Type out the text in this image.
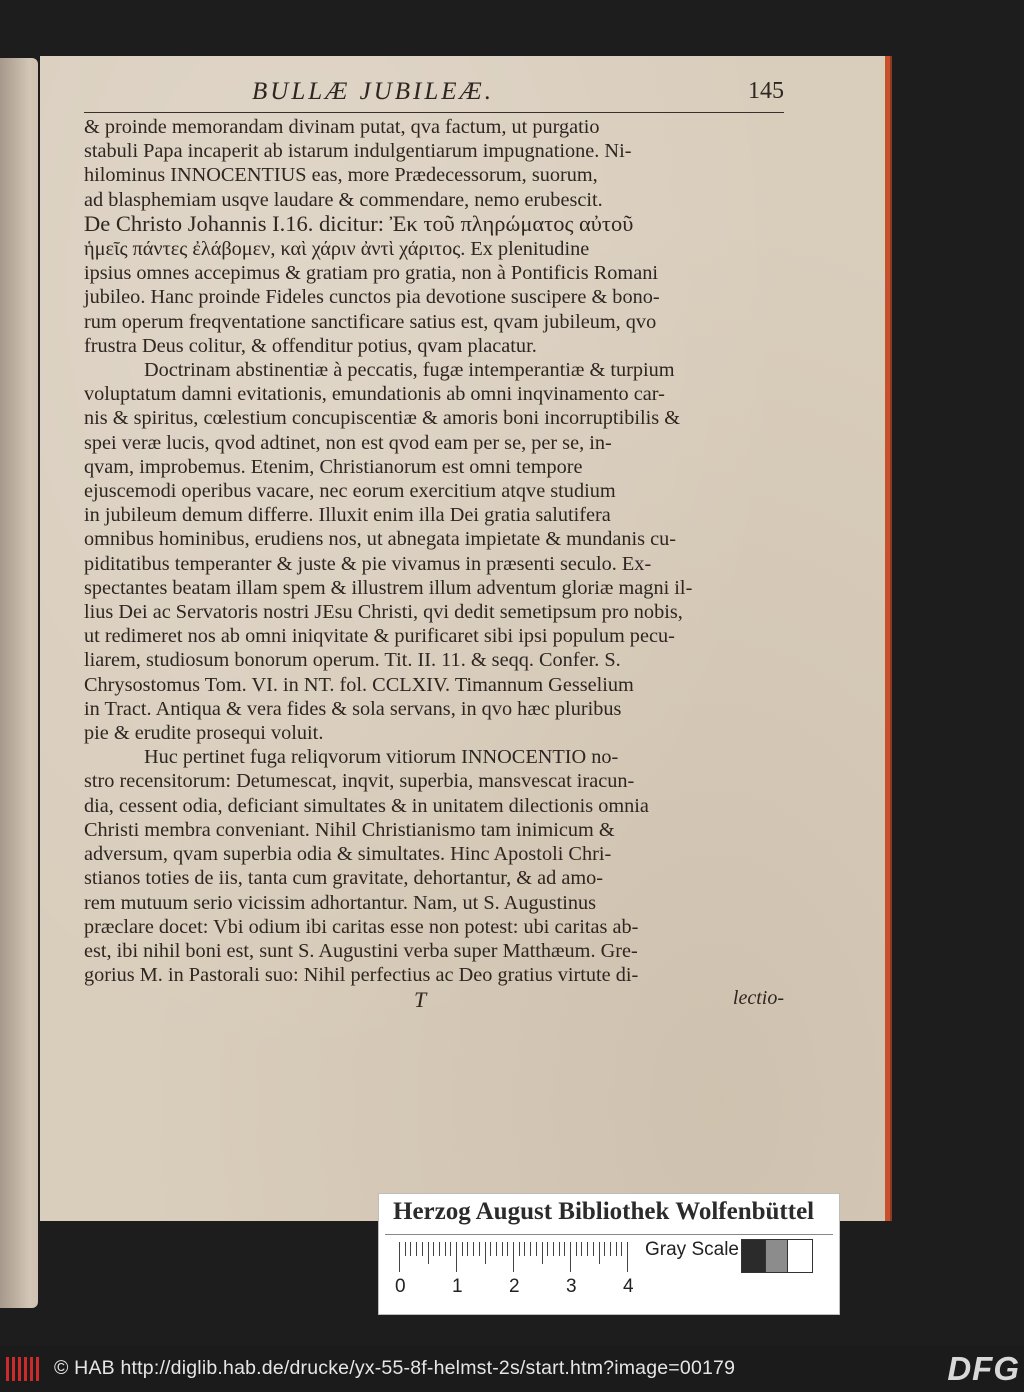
BULLÆ JUBILEÆ.	145

& proinde memorandam divinam putat, qva factum, ut purgatio
stabuli Papa incaperit ab istarum indulgentiarum impugnatione. Ni-
hilominus INNOCENTIUS eas, more Prædecessorum, suorum,
ad blasphemiam usqve laudare & commendare, nemo erubescit.
De Christo Johannis I.16. dicitur: Ἐκ τοῦ πληρώματος αὐτοῦ
ἡμεῖς πάντες ἐλάβομεν, καὶ χάριν ἀντὶ χάριτος. Ex plenitudine
ipsius omnes accepimus & gratiam pro gratia, non à Pontificis Romani
jubileo. Hanc proinde Fideles cunctos pia devotione suscipere & bono-
rum operum freqventatione sanctificare satius est, qvam jubileum, qvo
frustra Deus colitur, & offenditur potius, qvam placatur.

Doctrinam abstinentiæ à peccatis, fugæ intemperantiæ & turpium
voluptatum damni evitationis, emundationis ab omni inqvinamento car-
nis & spiritus, cœlestium concupiscentiæ & amoris boni incorruptibilis &
spei veræ lucis, qvod adtinet, non est qvod eam per se, per se, in-
qvam, improbemus. Etenim, Christianorum est omni tempore
ejuscemodi operibus vacare, nec eorum exercitium atqve studium
in jubileum demum differre. Illuxit enim illa Dei gratia salutifera
omnibus hominibus, erudiens nos, ut abnegata impietate & mundanis cu-
piditatibus temperanter & juste & pie vivamus in præsenti seculo. Ex-
spectantes beatam illam spem & illustrem illum adventum gloriæ magni il-
lius Dei ac Servatoris nostri JEsu Christi, qvi dedit semetipsum pro nobis,
ut redimeret nos ab omni iniqvitate & purificaret sibi ipsi populum pecu-
liarem, studiosum bonorum operum. Tit. II. 11. & seqq. Confer. S.
Chrysostomus Tom. VI. in NT. fol. CCLXIV. Timannum Gesselium
in Tract. Antiqua & vera fides & sola servans, in qvo hæc pluribus
pie & erudite prosequi voluit.

Huc pertinet fuga reliqvorum vitiorum INNOCENTIO no-
stro recensitorum: Detumescat, inqvit, superbia, mansvescat iracun-
dia, cessent odia, deficiant simultates & in unitatem dilectionis omnia
Christi membra conveniant. Nihil Christianismo tam inimicum &
adversum, qvam superbia odia & simultates. Hinc Apostoli Chri-
stianos toties de iis, tanta cum gravitate, dehortantur, & ad amo-
rem mutuum serio vicissim adhortantur. Nam, ut S. Augustinus
præclare docet: Vbi odium ibi caritas esse non potest: ubi caritas ab-
est, ibi nihil boni est, sunt S. Augustini verba super Matthæum. Gre-
gorius M. in Pastorali suo: Nihil perfectius ac Deo gratius virtute di-

T	lectio-
Herzog August Bibliothek Wolfenbüttel
0 1 2 3 4
Gray Scale
© HAB http://diglib.hab.de/drucke/yx-55-8f-helmst-2s/start.htm?image=00179	DFG
